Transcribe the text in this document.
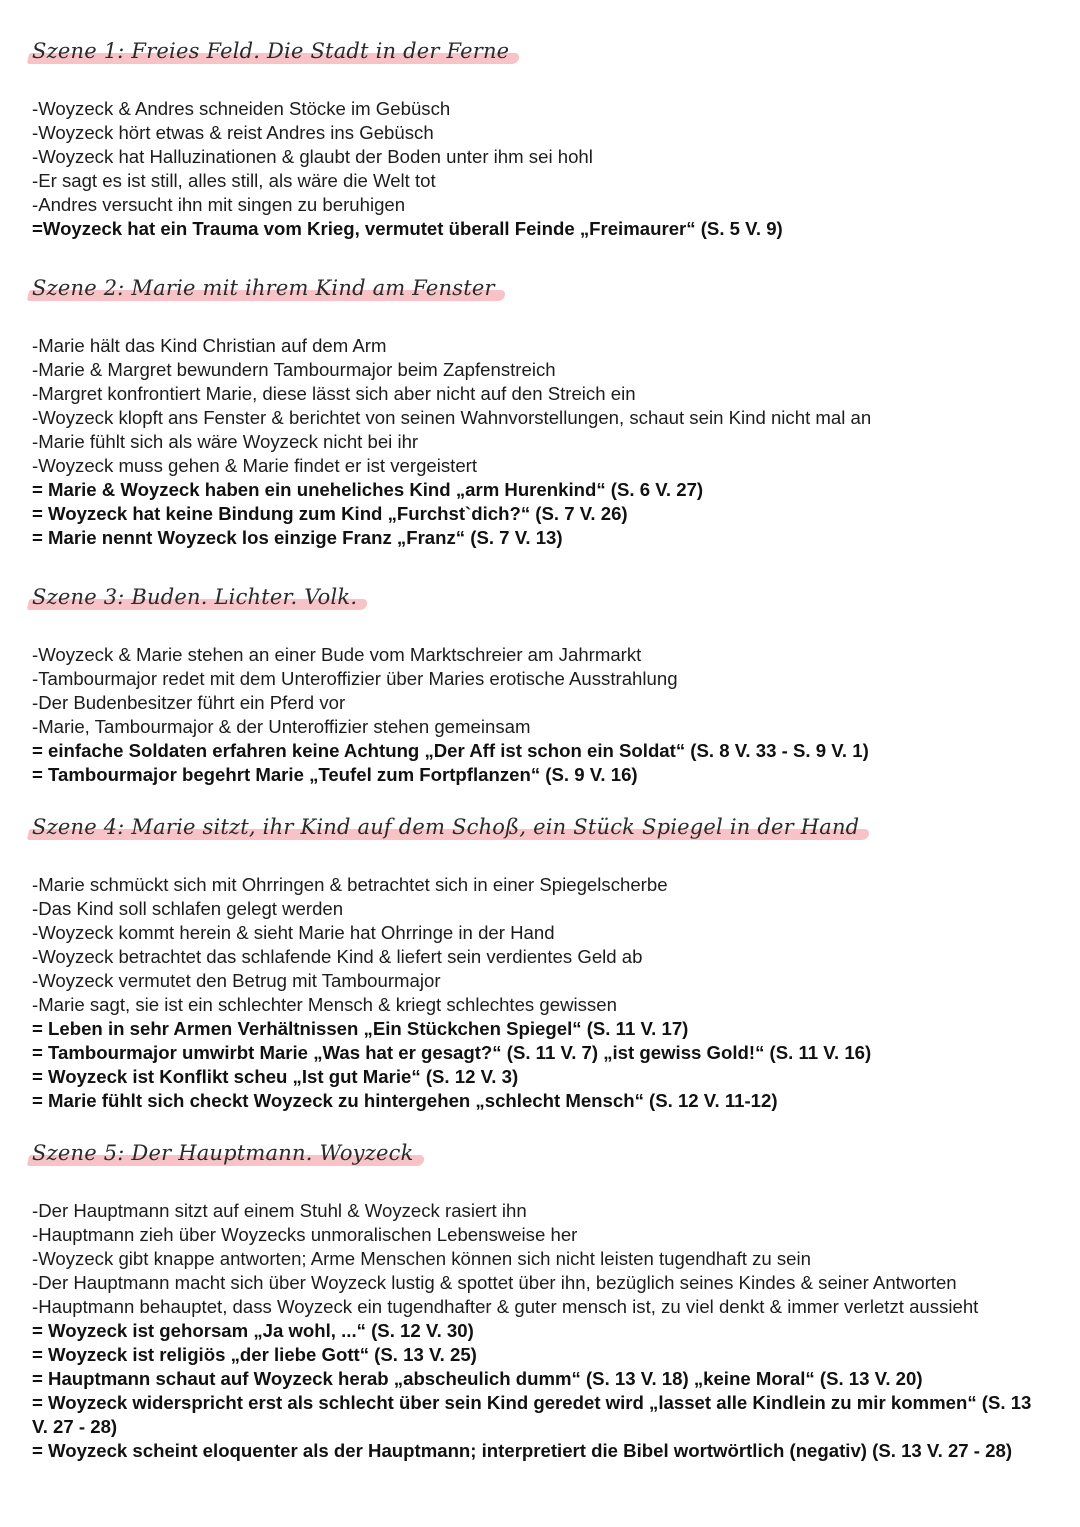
Szene 1: Freies Feld. Die Stadt in der Ferne
-Woyzeck & Andres schneiden Stöcke im Gebüsch
-Woyzeck hört etwas & reist Andres ins Gebüsch
-Woyzeck hat Halluzinationen & glaubt der Boden unter ihm sei hohl
-Er sagt es ist still, alles still, als wäre die Welt tot
-Andres versucht ihn mit singen zu beruhigen
=Woyzeck hat ein Trauma vom Krieg, vermutet überall Feinde „Freimaurer“ (S. 5 V. 9)
Szene 2: Marie mit ihrem Kind am Fenster
-Marie hält das Kind Christian auf dem Arm
-Marie & Margret bewundern Tambourmajor beim Zapfenstreich
-Margret konfrontiert Marie, diese lässt sich aber nicht auf den Streich ein
-Woyzeck klopft ans Fenster & berichtet von seinen Wahnvorstellungen, schaut sein Kind nicht mal an
-Marie fühlt sich als wäre Woyzeck nicht bei ihr
-Woyzeck muss gehen & Marie findet er ist vergeistert
= Marie & Woyzeck haben ein uneheliches Kind „arm Hurenkind“ (S. 6 V. 27)
= Woyzeck hat keine Bindung zum Kind „Furchst`dich?“ (S. 7 V. 26)
= Marie nennt Woyzeck los einzige Franz „Franz“ (S. 7 V. 13)
Szene 3: Buden. Lichter. Volk.
-Woyzeck & Marie stehen an einer Bude vom Marktschreier am Jahrmarkt
-Tambourmajor redet mit dem Unteroffizier über Maries erotische Ausstrahlung
-Der Budenbesitzer führt ein Pferd vor
-Marie, Tambourmajor & der Unteroffizier stehen gemeinsam
= einfache Soldaten erfahren keine Achtung „Der Aff ist schon ein Soldat“ (S. 8 V. 33 - S. 9 V. 1)
= Tambourmajor begehrt Marie „Teufel zum Fortpflanzen“ (S. 9 V. 16)
Szene 4: Marie sitzt, ihr Kind auf dem Schoß, ein Stück Spiegel in der Hand
-Marie schmückt sich mit Ohrringen & betrachtet sich in einer Spiegelscherbe
-Das Kind soll schlafen gelegt werden
-Woyzeck kommt herein & sieht Marie hat Ohrringe in der Hand
-Woyzeck betrachtet das schlafende Kind & liefert sein verdientes Geld ab
-Woyzeck vermutet den Betrug mit Tambourmajor
-Marie sagt, sie ist ein schlechter Mensch & kriegt schlechtes gewissen
= Leben in sehr Armen Verhältnissen „Ein Stückchen Spiegel“ (S. 11 V. 17)
= Tambourmajor umwirbt Marie „Was hat er gesagt?“ (S. 11 V. 7) „ist gewiss Gold!“ (S. 11 V. 16)
= Woyzeck ist Konflikt scheu „Ist gut Marie“ (S. 12 V. 3)
= Marie fühlt sich checkt Woyzeck zu hintergehen „schlecht Mensch“ (S. 12 V. 11-12)
Szene 5: Der Hauptmann. Woyzeck
-Der Hauptmann sitzt auf einem Stuhl & Woyzeck rasiert ihn
-Hauptmann zieh über Woyzecks unmoralischen Lebensweise her
-Woyzeck gibt knappe antworten; Arme Menschen können sich nicht leisten tugendhaft zu sein
-Der Hauptmann macht sich über Woyzeck lustig & spottet über ihn, bezüglich seines Kindes & seiner Antworten
-Hauptmann behauptet, dass Woyzeck ein tugendhafter & guter mensch ist, zu viel denkt & immer verletzt aussieht
= Woyzeck ist gehorsam „Ja wohl, ...“ (S. 12 V. 30)
= Woyzeck ist religiös „der liebe Gott“ (S. 13 V. 25)
= Hauptmann schaut auf Woyzeck herab „abscheulich dumm“ (S. 13 V. 18) „keine Moral“ (S. 13 V. 20)
= Woyzeck widerspricht erst als schlecht über sein Kind geredet wird „lasset alle Kindlein zu mir kommen“ (S. 13 V. 27 - 28)
= Woyzeck scheint eloquenter als der Hauptmann; interpretiert die Bibel wortwörtlich (negativ) (S. 13 V. 27 - 28)
